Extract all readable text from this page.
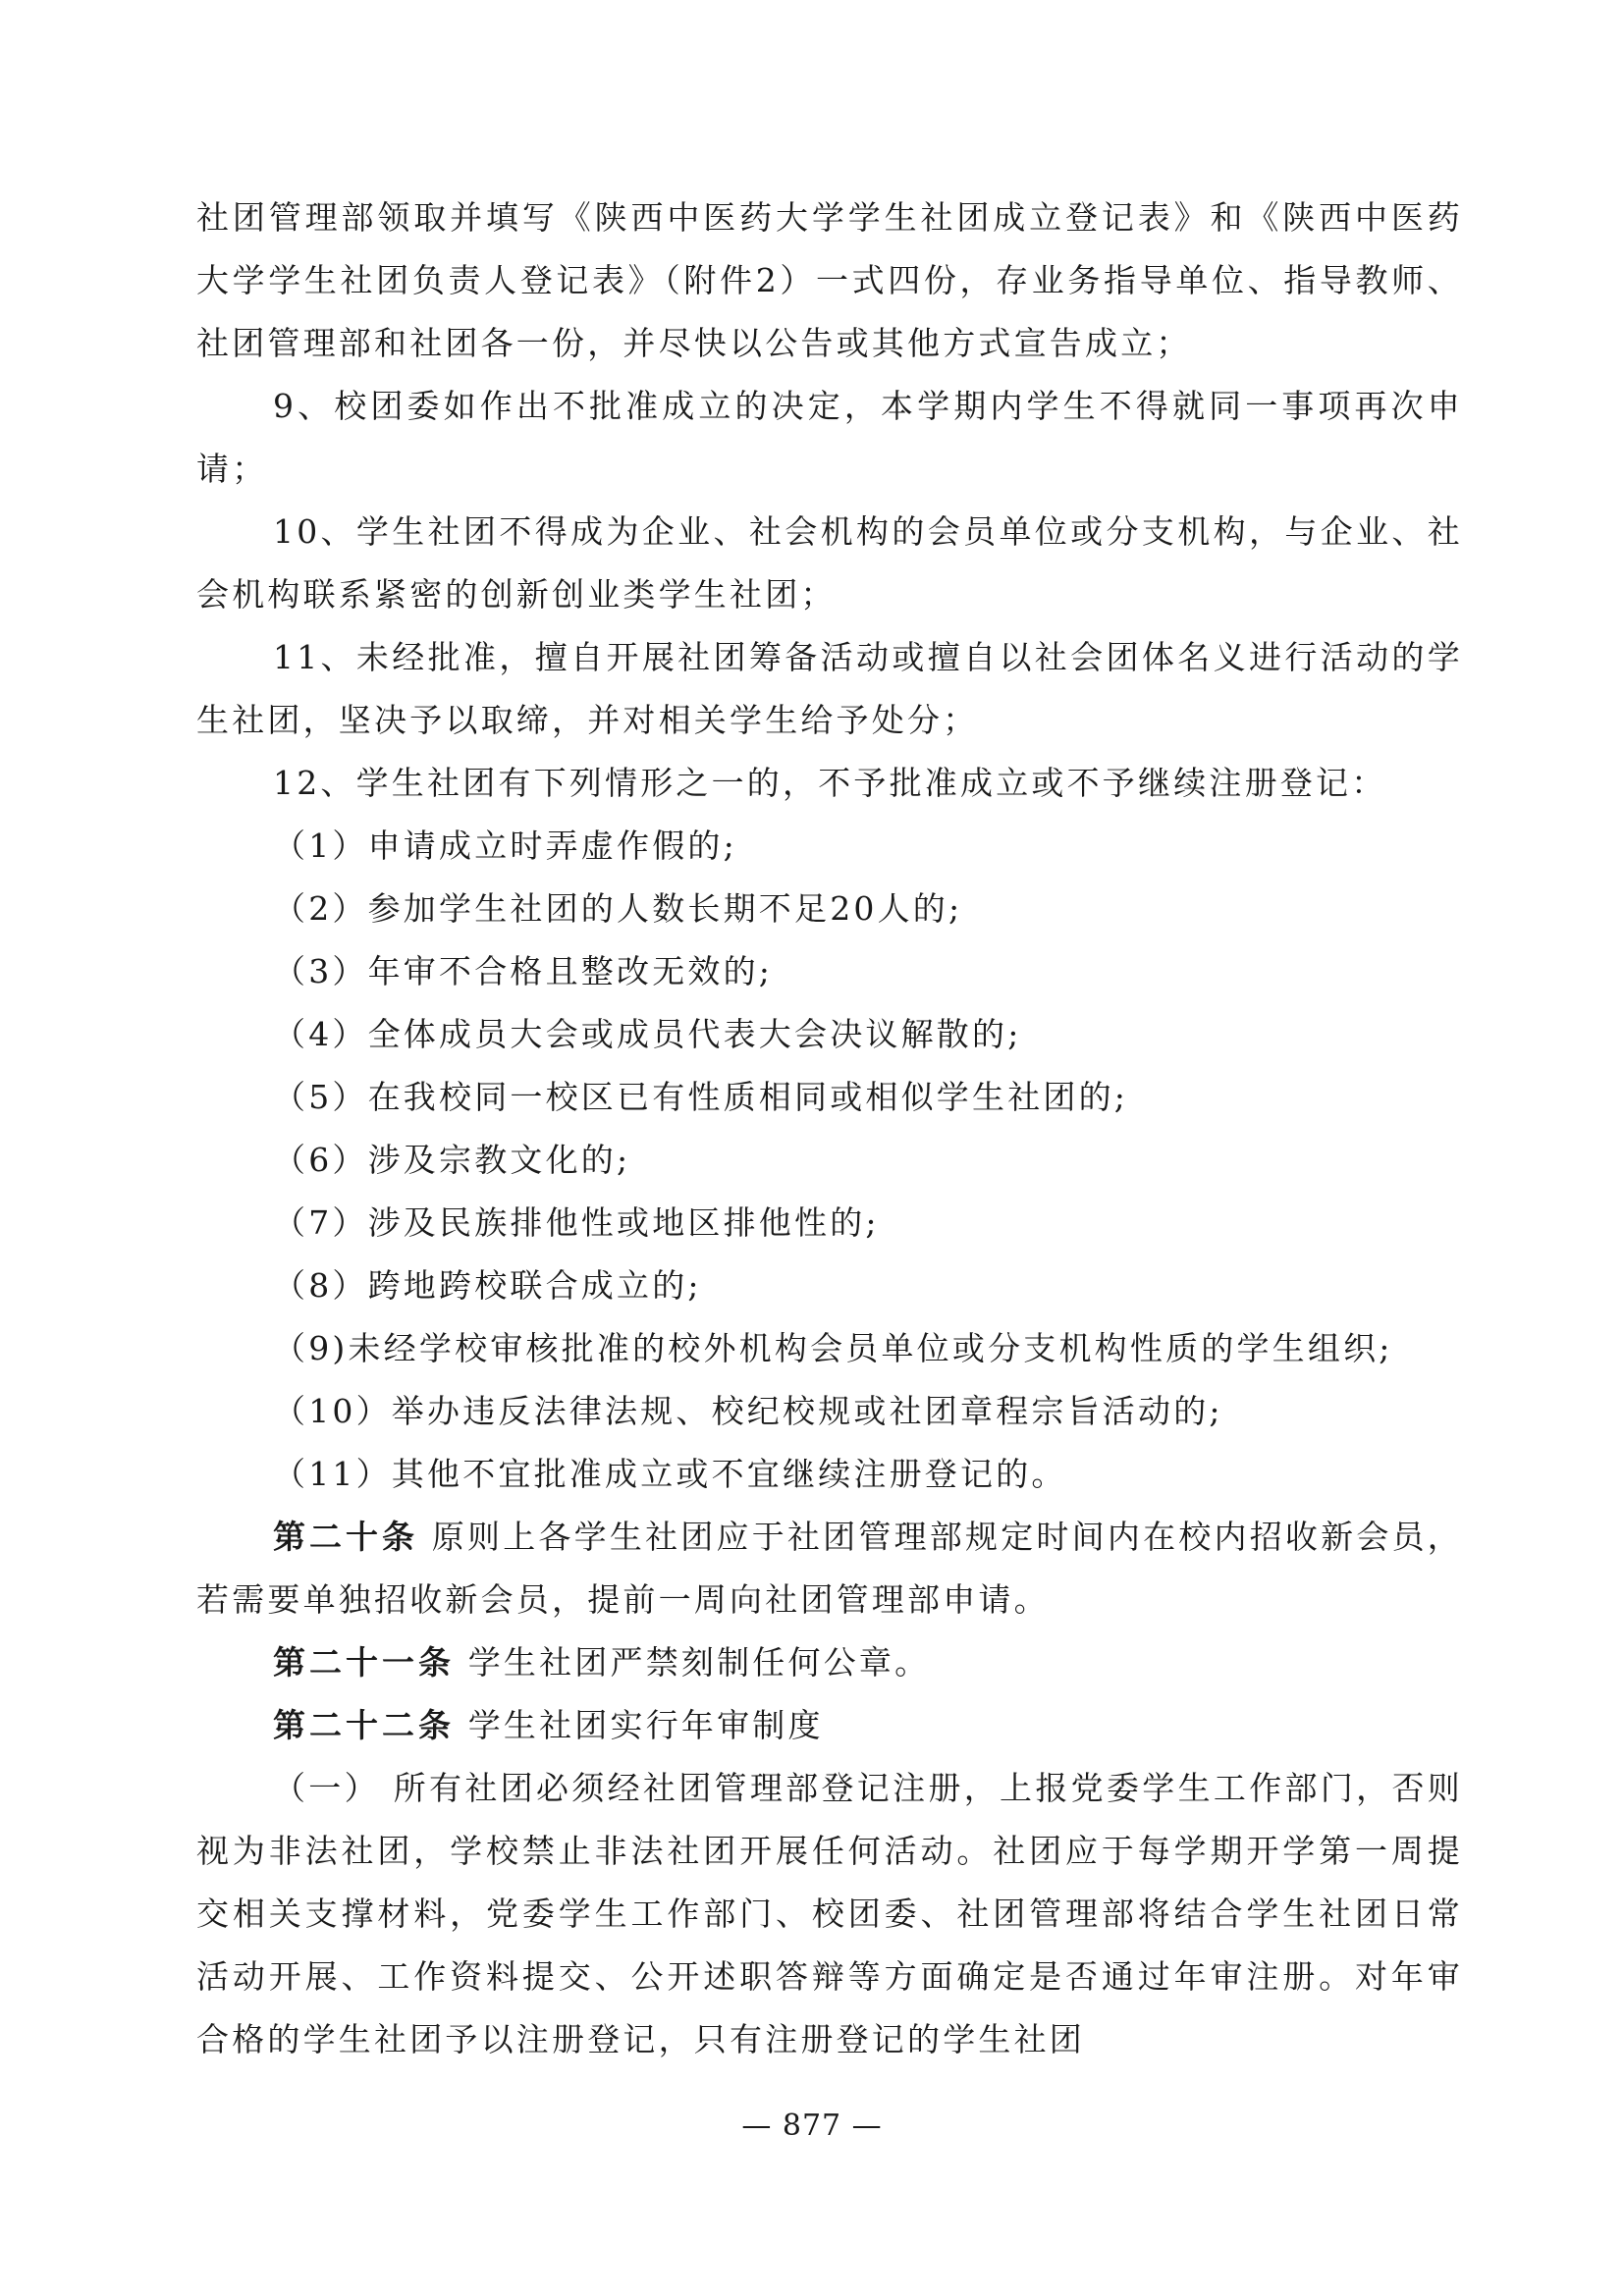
社团管理部领取并填写《陕西中医药大学学生社团成立登记表》和《陕西中医药大学学生社团负责人登记表》（附件2）一式四份，存业务指导单位、指导教师、社团管理部和社团各一份，并尽快以公告或其他方式宣告成立；

9、校团委如作出不批准成立的决定，本学期内学生不得就同一事项再次申请；

10、学生社团不得成为企业、社会机构的会员单位或分支机构，与企业、社会机构联系紧密的创新创业类学生社团；

11、未经批准，擅自开展社团筹备活动或擅自以社会团体名义进行活动的学生社团，坚决予以取缔，并对相关学生给予处分；

12、学生社团有下列情形之一的，不予批准成立或不予继续注册登记：

（1）申请成立时弄虚作假的;

（2）参加学生社团的人数长期不足20人的;

（3）年审不合格且整改无效的;

（4）全体成员大会或成员代表大会决议解散的;

（5）在我校同一校区已有性质相同或相似学生社团的;

（6）涉及宗教文化的;

（7）涉及民族排他性或地区排他性的;

（8）跨地跨校联合成立的;

（9)未经学校审核批准的校外机构会员单位或分支机构性质的学生组织;

（10）举办违反法律法规、校纪校规或社团章程宗旨活动的;

（11）其他不宜批准成立或不宜继续注册登记的。

第二十条 原则上各学生社团应于社团管理部规定时间内在校内招收新会员，若需要单独招收新会员，提前一周向社团管理部申请。

第二十一条 学生社团严禁刻制任何公章。

第二十二条 学生社团实行年审制度

（一） 所有社团必须经社团管理部登记注册，上报党委学生工作部门，否则视为非法社团，学校禁止非法社团开展任何活动。社团应于每学期开学第一周提交相关支撑材料，党委学生工作部门、校团委、社团管理部将结合学生社团日常活动开展、工作资料提交、公开述职答辩等方面确定是否通过年审注册。对年审合格的学生社团予以注册登记，只有注册登记的学生社团

— 877 —
